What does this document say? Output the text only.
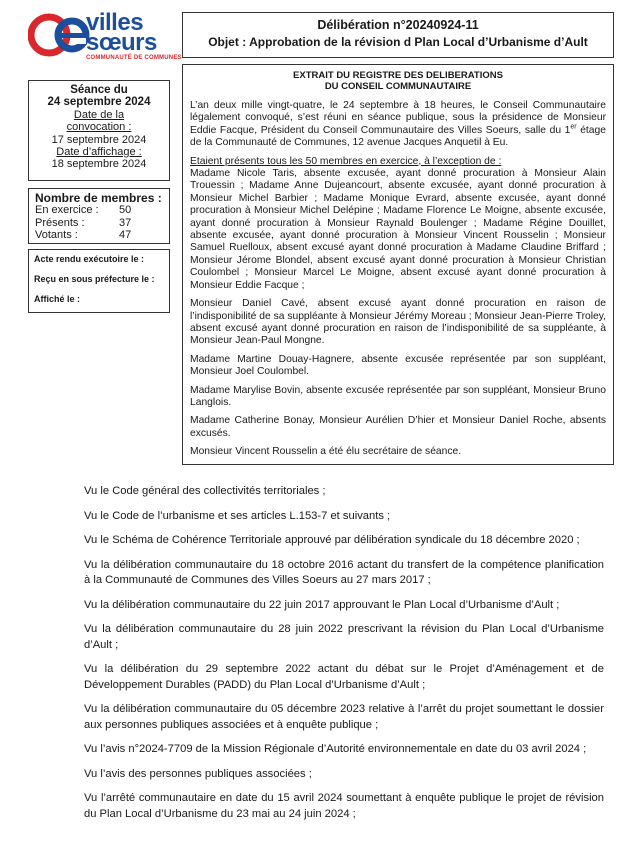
villes
sœurs
COMMUNAUTÉ DE COMMUNES
Délibération n°20240924-11
Objet : Approbation de la révision d Plan Local d’Urbanisme d’Ault
Séance du
24 septembre 2024
Date de la
convocation :
17 septembre 2024
Date d’affichage :
18 septembre 2024
Nombre de membres :
En exercice :	50
Présents :	37
Votants :	47
Acte rendu exécutoire le :
Reçu en sous préfecture le :
Affiché le :
EXTRAIT DU REGISTRE DES DELIBERATIONS
DU CONSEIL COMMUNAUTAIRE

L’an deux mille vingt-quatre, le 24 septembre à 18 heures, le Conseil Communautaire légalement convoqué, s’est réuni en séance publique, sous la présidence de Monsieur Eddie Facque, Président du Conseil Communautaire des Villes Soeurs, salle du 1er étage de la Communauté de Communes, 12 avenue Jacques Anquetil à Eu.

Etaient présents tous les 50 membres en exercice, à l’exception de :

Madame Nicole Taris, absente excusée, ayant donné procuration à Monsieur Alain Trouessin ; Madame Anne Dujeancourt, absente excusée, ayant donné procuration à Monsieur Michel Barbier ; Madame Monique Evrard, absente excusée, ayant donné procuration à Monsieur Michel Delépine ; Madame Florence Le Moigne, absente excusée, ayant donné procuration à Monsieur Raynald Boulenger ; Madame Régine Douillet, absente excusée, ayant donné procuration à Monsieur Vincent Rousselin ; Monsieur Samuel Ruelloux, absent excusé ayant donné procuration à Madame Claudine Briffard ; Monsieur Jérome Blondel, absent excusé ayant donné procuration à Monsieur Christian Coulombel ; Monsieur Marcel Le Moigne, absent excusé ayant donné procuration à Monsieur Eddie Facque ;

Monsieur Daniel Cavé, absent excusé ayant donné procuration en raison de l’indisponibilité de sa suppléante à Monsieur Jérémy Moreau ; Monsieur Jean-Pierre Troley, absent excusé ayant donné procuration en raison de l’indisponibilité de sa suppléante, à Monsieur Jean-Paul Mongne.

Madame Martine Douay-Hagnere, absente excusée représentée par son suppléant, Monsieur Joel Coulombel.

Madame Marylise Bovin, absente excusée représentée par son suppléant, Monsieur Bruno Langlois.

Madame Catherine Bonay, Monsieur Aurélien D’hier et Monsieur Daniel Roche, absents excusés.

Monsieur Vincent Rousselin a été élu secrétaire de séance.

Vu le Code général des collectivités territoriales ;

Vu le Code de l’urbanisme et ses articles L.153-7 et suivants ;

Vu le Schéma de Cohérence Territoriale approuvé par délibération syndicale du 18 décembre 2020 ;

Vu la délibération communautaire du 18 octobre 2016 actant du transfert de la compétence planification à la Communauté de Communes des Villes Soeurs au 27 mars 2017 ;

Vu la délibération communautaire du 22 juin 2017 approuvant le Plan Local d’Urbanisme d’Ault ;

Vu la délibération communautaire du 28 juin 2022 prescrivant la révision du Plan Local d’Urbanisme d’Ault ;

Vu la délibération du 29 septembre 2022 actant du débat sur le Projet d’Aménagement et de Développement Durables (PADD) du Plan Local d’Urbanisme d’Ault ;

Vu la délibération communautaire du 05 décembre 2023 relative à l’arrêt du projet soumettant le dossier aux personnes publiques associées et à enquête publique ;

Vu l’avis n°2024-7709 de la Mission Régionale d’Autorité environnementale en date du 03 avril 2024 ;

Vu l’avis des personnes publiques associées ;

Vu l’arrêté communautaire en date du 15 avril 2024 soumettant à enquête publique le projet de révision du Plan Local d’Urbanisme du 23 mai au 24 juin 2024 ;
